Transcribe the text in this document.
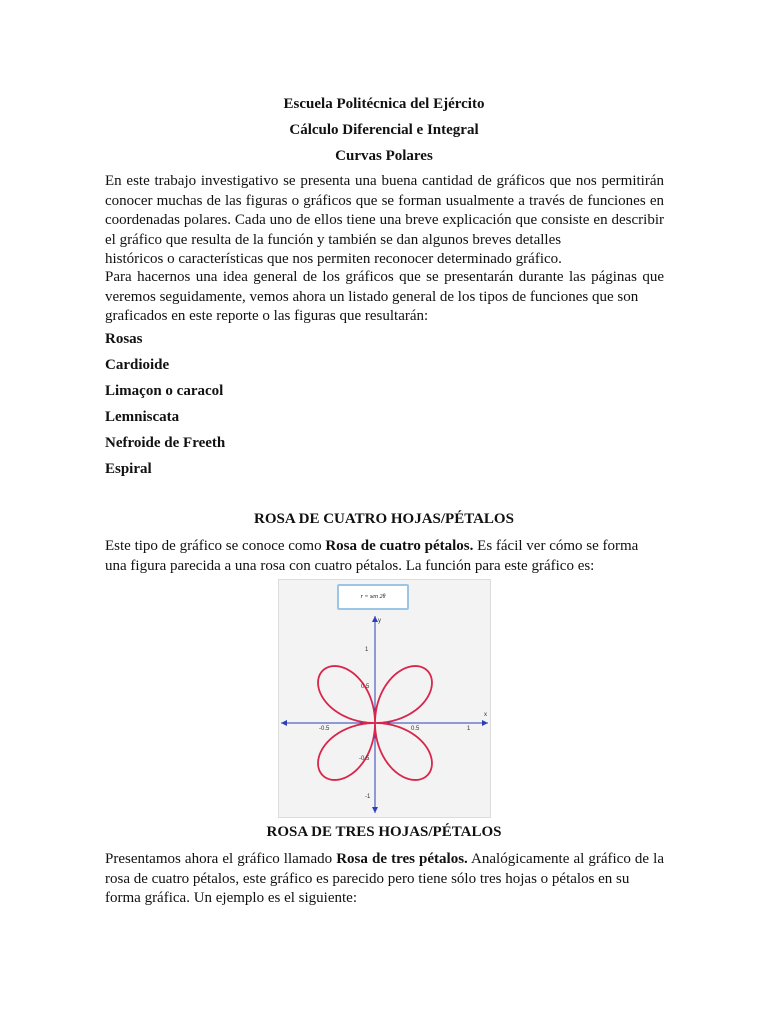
Escuela Politécnica del Ejército
Cálculo Diferencial e Integral
Curvas Polares

En este trabajo investigativo se presenta una buena cantidad de gráficos que nos permitirán conocer muchas de las figuras o gráficos que se forman usualmente a través de funciones en coordenadas polares. Cada uno de ellos tiene una breve explicación que consiste en describir el gráfico que resulta de la función y también se dan algunos breves detalles
históricos o características que nos permiten reconocer determinado gráfico.

Para hacernos una idea general de los gráficos que se presentarán durante las páginas que veremos seguidamente, vemos ahora un listado general de los tipos de funciones que son
graficados en este reporte o las figuras que resultarán:

Rosas
Cardioide
Limaçon o caracol
Lemniscata
Nefroide de Freeth
Espiral
ROSA DE CUATRO HOJAS/PÉTALOS

Este tipo de gráfico se conoce como Rosa de cuatro pétalos. Es fácil ver cómo se forma
una figura parecida a una rosa con cuatro pétalos. La función para este gráfico es:

r = sen 2θ
x
y
-0.5	0.5	1
1
0.5
-0.5
-1
ROSA DE TRES HOJAS/PÉTALOS

Presentamos ahora el gráfico llamado Rosa de tres pétalos. Analógicamente al gráfico de la rosa de cuatro pétalos, este gráfico es parecido pero tiene sólo tres hojas o pétalos en su
forma gráfica. Un ejemplo es el siguiente:
